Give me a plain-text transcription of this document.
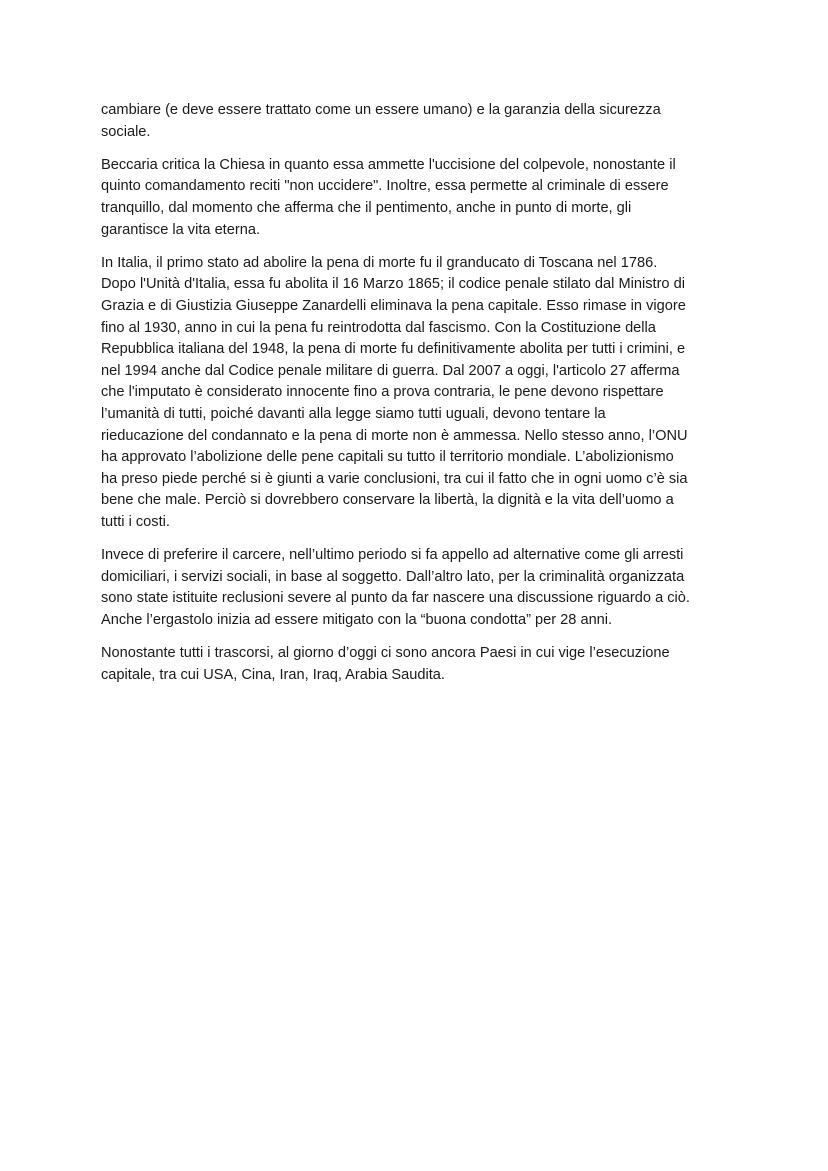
cambiare (e deve essere trattato come un essere umano) e la garanzia della sicurezza
sociale.

Beccaria critica la Chiesa in quanto essa ammette l'uccisione del colpevole, nonostante il
quinto comandamento reciti "non uccidere". Inoltre, essa permette al criminale di essere
tranquillo, dal momento che afferma che il pentimento, anche in punto di morte, gli
garantisce la vita eterna.

In Italia, il primo stato ad abolire la pena di morte fu il granducato di Toscana nel 1786.
Dopo l'Unità d'Italia, essa fu abolita il 16 Marzo 1865; il codice penale stilato dal Ministro di
Grazia e di Giustizia Giuseppe Zanardelli eliminava la pena capitale. Esso rimase in vigore
fino al 1930, anno in cui la pena fu reintrodotta dal fascismo. Con la Costituzione della
Repubblica italiana del 1948, la pena di morte fu definitivamente abolita per tutti i crimini, e
nel 1994 anche dal Codice penale militare di guerra. Dal 2007 a oggi, l'articolo 27 afferma
che l'imputato è considerato innocente fino a prova contraria, le pene devono rispettare
l’umanità di tutti, poiché davanti alla legge siamo tutti uguali, devono tentare la
rieducazione del condannato e la pena di morte non è ammessa. Nello stesso anno, l’ONU
ha approvato l’abolizione delle pene capitali su tutto il territorio mondiale. L’abolizionismo
ha preso piede perché si è giunti a varie conclusioni, tra cui il fatto che in ogni uomo c’è sia
bene che male. Perciò si dovrebbero conservare la libertà, la dignità e la vita dell’uomo a
tutti i costi.

Invece di preferire il carcere, nell’ultimo periodo si fa appello ad alternative come gli arresti
domiciliari, i servizi sociali, in base al soggetto. Dall’altro lato, per la criminalità organizzata
sono state istituite reclusioni severe al punto da far nascere una discussione riguardo a ciò.
Anche l’ergastolo inizia ad essere mitigato con la “buona condotta” per 28 anni.

Nonostante tutti i trascorsi, al giorno d’oggi ci sono ancora Paesi in cui vige l’esecuzione
capitale, tra cui USA, Cina, Iran, Iraq, Arabia Saudita.
